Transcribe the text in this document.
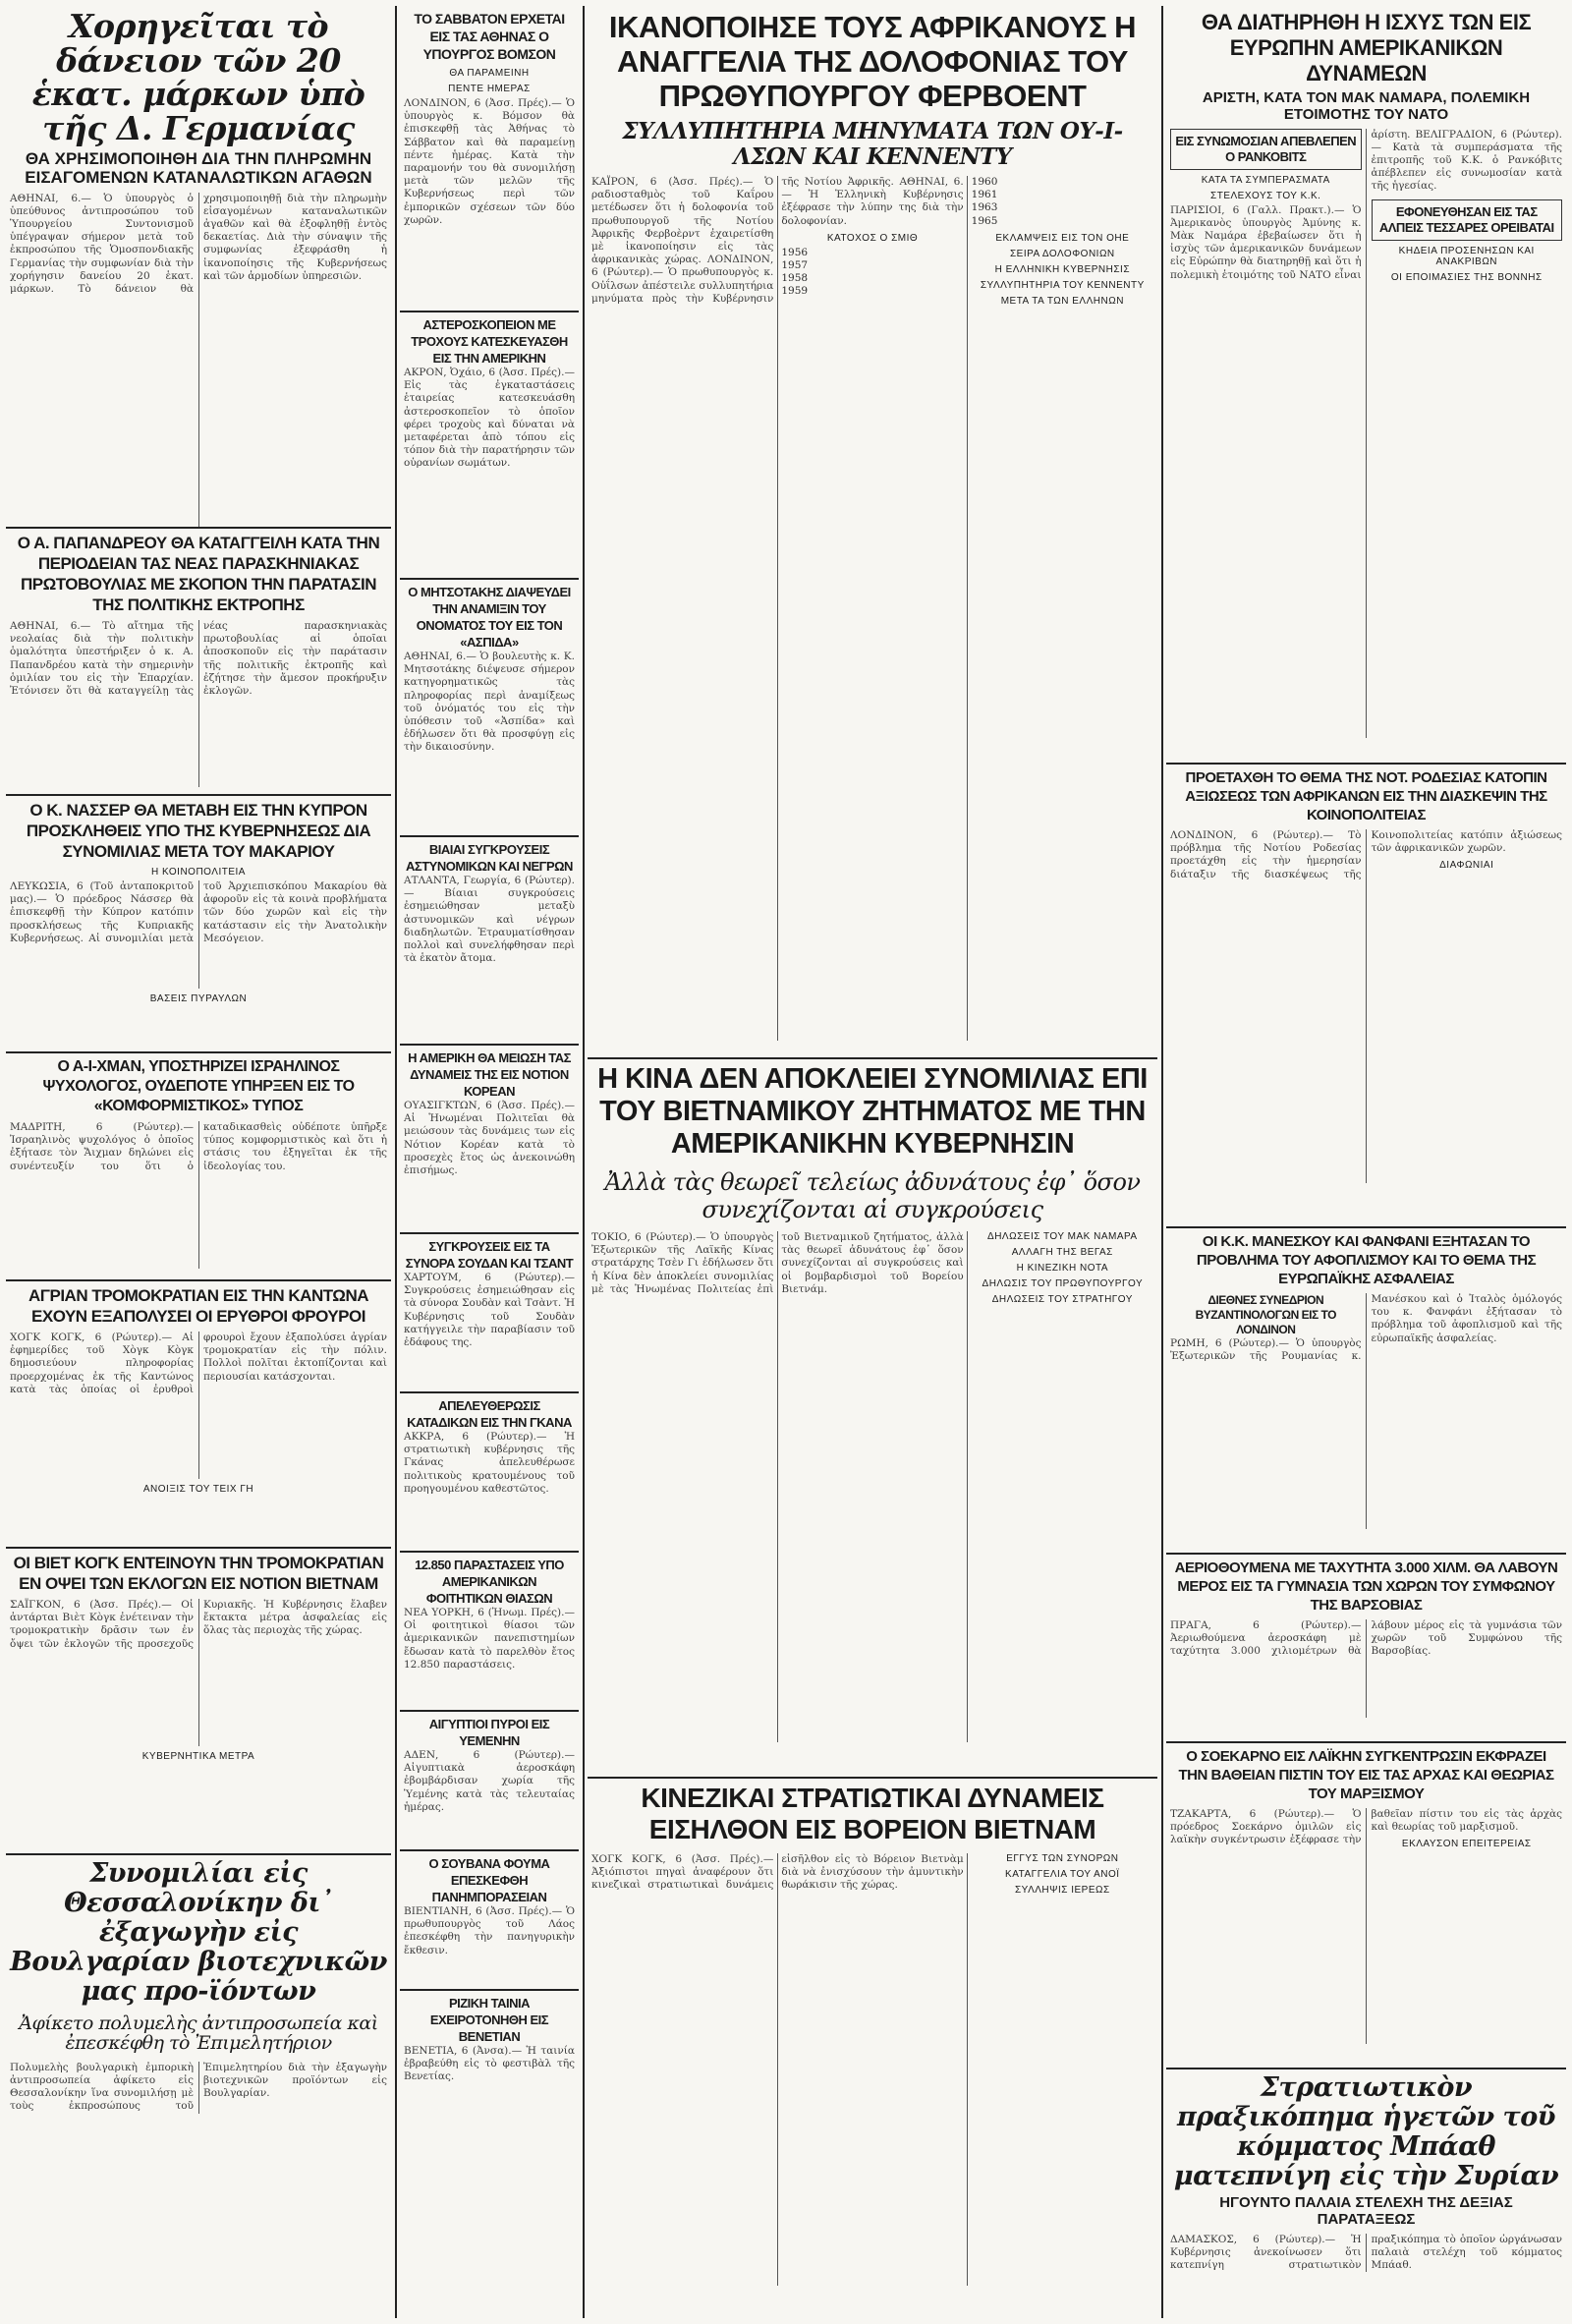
Χορηγεῖται τὸ δάνειον τῶν 20 ἑκατ. μάρκων ὑπὸ τῆς Δ. Γερμανίας
ΘΑ ΧΡΗΣΙΜΟΠΟΙΗΘΗ ΔΙΑ ΤΗΝ ΠΛΗΡΩΜΗΝ ΕΙΣΑΓΟΜΕΝΩΝ ΚΑΤΑΝΑΛΩΤΙΚΩΝ ΑΓΑΘΩΝ

ΑΘΗΝΑΙ, 6.— Ὁ ὑπουργὸς ὁ ὑπεύθυνος ἀντιπροσώπου τοῦ Ὑπουργείου Συντονισμοῦ ὑπέγραψαν σήμερον μετὰ τοῦ ἐκπροσώπου τῆς Ὁμοσπονδιακῆς Γερμανίας τὴν συμφωνίαν διὰ τὴν χορήγησιν δανείου 20 ἑκατ. μάρκων. Τὸ δάνειον θὰ χρησιμοποιηθῇ διὰ τὴν πληρωμὴν εἰσαγομένων καταναλωτικῶν ἀγαθῶν καὶ θὰ ἐξοφληθῇ ἐντὸς δεκαετίας. Διὰ τὴν σύναψιν τῆς συμφωνίας ἐξεφράσθη ἡ ἱκανοποίησις τῆς Κυβερνήσεως καὶ τῶν ἁρμοδίων ὑπηρεσιῶν.

Ο Α. ΠΑΠΑΝΔΡΕΟΥ ΘΑ ΚΑΤΑΓΓΕΙΛΗ ΚΑΤΑ ΤΗΝ ΠΕΡΙΟΔΕΙΑΝ ΤΑΣ ΝΕΑΣ ΠΑΡΑΣΚΗΝΙΑΚΑΣ ΠΡΩΤΟΒΟΥΛΙΑΣ ΜΕ ΣΚΟΠΟΝ ΤΗΝ ΠΑΡΑΤΑΣΙΝ ΤΗΣ ΠΟΛΙΤΙΚΗΣ ΕΚΤΡΟΠΗΣ

ΑΘΗΝΑΙ, 6.— Τὸ αἴτημα τῆς νεολαίας διὰ τὴν πολιτικὴν ὁμαλότητα ὑπεστήριξεν ὁ κ. Α. Παπανδρέου κατὰ τὴν σημερινὴν ὁμιλίαν του εἰς τὴν Ἐπαρχίαν. Ἐτόνισεν ὅτι θὰ καταγγείλῃ τὰς νέας παρασκηνιακὰς πρωτοβουλίας αἱ ὁποῖαι ἀποσκοποῦν εἰς τὴν παράτασιν τῆς πολιτικῆς ἐκτροπῆς καὶ ἐζήτησε τὴν ἄμεσον προκήρυξιν ἐκλογῶν.

Ο Κ. ΝΑΣΣΕΡ ΘΑ ΜΕΤΑΒΗ ΕΙΣ ΤΗΝ ΚΥΠΡΟΝ ΠΡΟΣΚΛΗΘΕΙΣ ΥΠΟ ΤΗΣ ΚΥΒΕΡΝΗΣΕΩΣ ΔΙΑ ΣΥΝΟΜΙΛΙΑΣ ΜΕΤΑ ΤΟΥ ΜΑΚΑΡΙΟΥ
Η ΚΟΙΝΟΠΟΛΙΤΕΙΑ

ΛΕΥΚΩΣΙΑ, 6 (Τοῦ ἀνταποκριτοῦ μας).— Ὁ πρόεδρος Νάσσερ θὰ ἐπισκεφθῇ τὴν Κύπρον κατόπιν προσκλήσεως τῆς Κυπριακῆς Κυβερνήσεως. Αἱ συνομιλίαι μετὰ τοῦ Ἀρχιεπισκόπου Μακαρίου θὰ ἀφοροῦν εἰς τὰ κοινὰ προβλήματα τῶν δύο χωρῶν καὶ εἰς τὴν κατάστασιν εἰς τὴν Ἀνατολικὴν Μεσόγειον.

ΒΑΣΕΙΣ ΠΥΡΑΥΛΩΝ
Ο Α-Ι-ΧΜΑΝ, ΥΠΟΣΤΗΡΙΖΕΙ ΙΣΡΑΗΛΙΝΟΣ ΨΥΧΟΛΟΓΟΣ, ΟΥΔΕΠΟΤΕ ΥΠΗΡΞΕΝ ΕΙΣ ΤΟ «ΚΟΜΦΟΡΜΙΣΤΙΚΟΣ» ΤΥΠΟΣ

ΜΑΔΡΙΤΗ, 6 (Ρώυτερ).— Ἰσραηλινὸς ψυχολόγος ὁ ὁποῖος ἐξήτασε τὸν Ἄιχμαν δηλώνει εἰς συνέντευξίν του ὅτι ὁ καταδικασθεὶς οὐδέποτε ὑπῆρξε τύπος κομφορμιστικὸς καὶ ὅτι ἡ στάσις του ἐξηγεῖται ἐκ τῆς ἰδεολογίας του.

ΑΓΡΙΑΝ ΤΡΟΜΟΚΡΑΤΙΑΝ ΕΙΣ ΤΗΝ ΚΑΝΤΩΝΑ ΕΧΟΥΝ ΕΞΑΠΟΛΥΣΕΙ ΟΙ ΕΡΥΘΡΟΙ ΦΡΟΥΡΟΙ

ΧΟΓΚ ΚΟΓΚ, 6 (Ρώυτερ).— Αἱ ἐφημερίδες τοῦ Χὸγκ Κὸγκ δημοσιεύουν πληροφορίας προερχομένας ἐκ τῆς Καντώνος κατὰ τὰς ὁποίας οἱ ἐρυθροὶ φρουροὶ ἔχουν ἐξαπολύσει ἀγρίαν τρομοκρατίαν εἰς τὴν πόλιν. Πολλοὶ πολῖται ἐκτοπίζονται καὶ περιουσίαι κατάσχονται.

ΑΝΟΙΞΙΣ ΤΟΥ ΤΕΙΧ ΓΗ
ΟΙ ΒΙΕΤ ΚΟΓΚ ΕΝΤΕΙΝΟΥΝ ΤΗΝ ΤΡΟΜΟΚΡΑΤΙΑΝ ΕΝ ΟΨΕΙ ΤΩΝ ΕΚΛΟΓΩΝ ΕΙΣ ΝΟΤΙΟΝ ΒΙΕΤΝΑΜ

ΣΑΪΓΚΟΝ, 6 (Ἀσσ. Πρές).— Οἱ ἀντάρται Βιὲτ Κὸγκ ἐνέτειναν τὴν τρομοκρατικὴν δρᾶσιν των ἐν ὄψει τῶν ἐκλογῶν τῆς προσεχοῦς Κυριακῆς. Ἡ Κυβέρνησις ἔλαβεν ἔκτακτα μέτρα ἀσφαλείας εἰς ὅλας τὰς περιοχὰς τῆς χώρας.

ΚΥΒΕΡΝΗΤΙΚΑ ΜΕΤΡΑ
Συνομιλίαι εἰς Θεσσαλονίκην δι᾽ ἐξαγωγὴν εἰς Βουλγαρίαν βιοτεχνικῶν μας προ-ϊόντων
Ἀφίκετο πολυμελὴς ἀντιπροσωπεία καὶ ἐπεσκέφθη τὸ Ἐπιμελητήριον

Πολυμελὴς βουλγαρικὴ ἐμπορικὴ ἀντιπροσωπεία ἀφίκετο εἰς Θεσσαλονίκην ἵνα συνομιλήσῃ μὲ τοὺς ἐκπροσώπους τοῦ Ἐπιμελητηρίου διὰ τὴν ἐξαγωγὴν βιοτεχνικῶν προϊόντων εἰς Βουλγαρίαν.

ΤΟ ΣΑΒΒΑΤΟΝ ΕΡΧΕΤΑΙ ΕΙΣ ΤΑΣ ΑΘΗΝΑΣ Ο ΥΠΟΥΡΓΟΣ ΒΟΜΣΟΝ
ΘΑ ΠΑΡΑΜΕΙΝΗ
ΠΕΝΤΕ ΗΜΕΡΑΣ

ΛΟΝΔΙΝΟΝ, 6 (Ἀσσ. Πρές).— Ὁ ὑπουργὸς κ. Βόμσον θὰ ἐπισκεφθῇ τὰς Ἀθήνας τὸ Σάββατον καὶ θὰ παραμείνῃ πέντε ἡμέρας. Κατὰ τὴν παραμονήν του θὰ συνομιλήσῃ μετὰ τῶν μελῶν τῆς Κυβερνήσεως περὶ τῶν ἐμπορικῶν σχέσεων τῶν δύο χωρῶν.

ΑΣΤΕΡΟΣΚΟΠΕΙΟΝ ΜΕ ΤΡΟΧΟΥΣ ΚΑΤΕΣΚΕΥΑΣΘΗ ΕΙΣ ΤΗΝ ΑΜΕΡΙΚΗΝ

ΑΚΡΟΝ, Ὀχάιο, 6 (Ἀσσ. Πρές).— Εἰς τὰς ἐγκαταστάσεις ἑταιρείας κατεσκευάσθη ἀστεροσκοπεῖον τὸ ὁποῖον φέρει τροχοὺς καὶ δύναται νὰ μεταφέρεται ἀπὸ τόπου εἰς τόπον διὰ τὴν παρατήρησιν τῶν οὐρανίων σωμάτων.

Ο ΜΗΤΣΟΤΑΚΗΣ ΔΙΑΨΕΥΔΕΙ ΤΗΝ ΑΝΑΜΙΞΙΝ ΤΟΥ ΟΝΟΜΑΤΟΣ ΤΟΥ ΕΙΣ ΤΟΝ «ΑΣΠΙΔΑ»

ΑΘΗΝΑΙ, 6.— Ὁ βουλευτὴς κ. Κ. Μητσοτάκης διέψευσε σήμερον κατηγορηματικῶς τὰς πληροφορίας περὶ ἀναμίξεως τοῦ ὀνόματός του εἰς τὴν ὑπόθεσιν τοῦ «Ἀσπίδα» καὶ ἐδήλωσεν ὅτι θὰ προσφύγῃ εἰς τὴν δικαιοσύνην.

ΒΙΑΙΑΙ ΣΥΓΚΡΟΥΣΕΙΣ ΑΣΤΥΝΟΜΙΚΩΝ ΚΑΙ ΝΕΓΡΩΝ

ΑΤΛΑΝΤΑ, Γεωργία, 6 (Ρώυτερ).— Βίαιαι συγκρούσεις ἐσημειώθησαν μεταξὺ ἀστυνομικῶν καὶ νέγρων διαδηλωτῶν. Ἐτραυματίσθησαν πολλοὶ καὶ συνελήφθησαν περὶ τὰ ἑκατὸν ἄτομα.

Η ΑΜΕΡΙΚΗ ΘΑ ΜΕΙΩΣΗ ΤΑΣ ΔΥΝΑΜΕΙΣ ΤΗΣ ΕΙΣ ΝΟΤΙΟΝ ΚΟΡΕΑΝ

ΟΥΑΣΙΓΚΤΩΝ, 6 (Ἀσσ. Πρές).— Αἱ Ἡνωμέναι Πολιτεῖαι θὰ μειώσουν τὰς δυνάμεις των εἰς Νότιον Κορέαν κατὰ τὸ προσεχὲς ἔτος ὡς ἀνεκοινώθη ἐπισήμως.

ΣΥΓΚΡΟΥΣΕΙΣ ΕΙΣ ΤΑ ΣΥΝΟΡΑ ΣΟΥΔΑΝ ΚΑΙ ΤΣΑΝΤ

ΧΑΡΤΟΥΜ, 6 (Ρώυτερ).— Συγκρούσεις ἐσημειώθησαν εἰς τὰ σύνορα Σουδὰν καὶ Τσὰντ. Ἡ Κυβέρνησις τοῦ Σουδὰν κατήγγειλε τὴν παραβίασιν τοῦ ἐδάφους της.

ΑΠΕΛΕΥΘΕΡΩΣΙΣ ΚΑΤΑΔΙΚΩΝ ΕΙΣ ΤΗΝ ΓΚΑΝΑ

ΑΚΚΡΑ, 6 (Ρώυτερ).— Ἡ στρατιωτικὴ κυβέρνησις τῆς Γκάνας ἀπελευθέρωσε πολιτικοὺς κρατουμένους τοῦ προηγουμένου καθεστῶτος.

12.850 ΠΑΡΑΣΤΑΣΕΙΣ ΥΠΟ ΑΜΕΡΙΚΑΝΙΚΩΝ ΦΟΙΤΗΤΙΚΩΝ ΘΙΑΣΩΝ

ΝΕΑ ΥΟΡΚΗ, 6 (Ἠνωμ. Πρές).— Οἱ φοιτητικοὶ θίασοι τῶν ἀμερικανικῶν πανεπιστημίων ἔδωσαν κατὰ τὸ παρελθὸν ἔτος 12.850 παραστάσεις.

ΑΙΓΥΠΤΙΟΙ ΠΥΡΟΙ ΕΙΣ ΥΕΜΕΝΗΝ

ΑΔΕΝ, 6 (Ρώυτερ).— Αἰγυπτιακὰ ἀεροσκάφη ἐβομβάρδισαν χωρία τῆς Ὑεμένης κατὰ τὰς τελευταίας ἡμέρας.

Ο ΣΟΥΒΑΝΑ ΦΟΥΜΑ ΕΠΕΣΚΕΦΘΗ ΠΑΝΗΜΠΟΡΑΣΕΙΑΝ

ΒΙΕΝΤΙΑΝΗ, 6 (Ἀσσ. Πρές).— Ὁ πρωθυπουργὸς τοῦ Λάος ἐπεσκέφθη τὴν πανηγυρικὴν ἔκθεσιν.

ΡΙΖΙΚΗ ΤΑΙΝΙΑ ΕΧΕΙΡΟΤΟΝΗΘΗ ΕΙΣ ΒΕΝΕΤΙΑΝ

ΒΕΝΕΤΙΑ, 6 (Ἀνσα).— Ἡ ταινία ἐβραβεύθη εἰς τὸ φεστιβὰλ τῆς Βενετίας.

ΙΚΑΝΟΠΟΙΗΣΕ ΤΟΥΣ ΑΦΡΙΚΑΝΟΥΣ Η ΑΝΑΓΓΕΛΙΑ ΤΗΣ ΔΟΛΟΦΟΝΙΑΣ ΤΟΥ ΠΡΩΘΥΠΟΥΡΓΟΥ ΦΕΡΒΟΕΝΤ
ΣΥΛΛΥΠΗΤΗΡΙΑ ΜΗΝΥΜΑΤΑ ΤΩΝ ΟΥ-Ι-ΛΣΩΝ ΚΑΙ ΚΕΝΝΕΝΤΥ

ΚΑΪΡΟΝ, 6 (Ἀσσ. Πρές).— Ὁ ραδιοσταθμὸς τοῦ Καΐρου μετέδωσεν ὅτι ἡ δολοφονία τοῦ πρωθυπουργοῦ τῆς Νοτίου Ἀφρικῆς Φερβοὲρντ ἐχαιρετίσθη μὲ ἱκανοποίησιν εἰς τὰς ἀφρικανικὰς χώρας. ΛΟΝΔΙΝΟΝ, 6 (Ρώυτερ).— Ὁ πρωθυπουργὸς κ. Οὐΐλσων ἀπέστειλε συλλυπητήρια μηνύματα πρὸς τὴν Κυβέρνησιν τῆς Νοτίου Ἀφρικῆς. ΑΘΗΝΑΙ, 6.— Ἡ Ἑλληνικὴ Κυβέρνησις ἐξέφρασε τὴν λύπην της διὰ τὴν δολοφονίαν.

ΚΑΤΟΧΟΣ Ο ΣΜΙΘ
1956
1957
1958
1959
1960
1961
1963
1965
ΕΚΛΑΜΨΕΙΣ ΕΙΣ ΤΟΝ ΟΗΕ
ΣΕΙΡΑ ΔΟΛΟΦΟΝΙΩΝ
Η ΕΛΛΗΝΙΚΗ ΚΥΒΕΡΝΗΣΙΣ
ΣΥΛΛΥΠΗΤΗΡΙΑ ΤΟΥ ΚΕΝΝΕΝΤΥ
ΜΕΤΑ ΤΑ ΤΩΝ ΕΛΛΗΝΩΝ
Η ΚΙΝΑ ΔΕΝ ΑΠΟΚΛΕΙΕΙ ΣΥΝΟΜΙΛΙΑΣ ΕΠΙ ΤΟΥ ΒΙΕΤΝΑΜΙΚΟΥ ΖΗΤΗΜΑΤΟΣ ΜΕ ΤΗΝ ΑΜΕΡΙΚΑΝΙΚΗΝ ΚΥΒΕΡΝΗΣΙΝ
Ἀλλὰ τὰς θεωρεῖ τελείως ἀδυνάτους ἐφ᾽ ὅσον συνεχίζονται αἱ συγκρούσεις

ΤΟΚΙΟ, 6 (Ρώυτερ).— Ὁ ὑπουργὸς Ἐξωτερικῶν τῆς Λαϊκῆς Κίνας στρατάρχης Τσὲν Γι ἐδήλωσεν ὅτι ἡ Κίνα δὲν ἀποκλείει συνομιλίας μὲ τὰς Ἡνωμένας Πολιτείας ἐπὶ τοῦ Βιετναμικοῦ ζητήματος, ἀλλὰ τὰς θεωρεῖ ἀδυνάτους ἐφ᾽ ὅσον συνεχίζονται αἱ συγκρούσεις καὶ οἱ βομβαρδισμοὶ τοῦ Βορείου Βιετνάμ.

ΔΗΛΩΣΕΙΣ ΤΟΥ ΜΑΚ ΝΑΜΑΡΑ
ΑΛΛΑΓΗ ΤΗΣ ΒΕΓΑΣ
Η ΚΙΝΕΖΙΚΗ ΝΟΤΑ
ΔΗΛΩΣΙΣ ΤΟΥ ΠΡΩΘΥΠΟΥΡΓΟΥ
ΔΗΛΩΣΕΙΣ ΤΟΥ ΣΤΡΑΤΗΓΟΥ
ΚΙΝΕΖΙΚΑΙ ΣΤΡΑΤΙΩΤΙΚΑΙ ΔΥΝΑΜΕΙΣ ΕΙΣΗΛΘΟΝ ΕΙΣ ΒΟΡΕΙΟΝ ΒΙΕΤΝΑΜ

ΧΟΓΚ ΚΟΓΚ, 6 (Ἀσσ. Πρές).— Ἀξιόπιστοι πηγαὶ ἀναφέρουν ὅτι κινεζικαὶ στρατιωτικαὶ δυνάμεις εἰσῆλθον εἰς τὸ Βόρειον Βιετνὰμ διὰ νὰ ἐνισχύσουν τὴν ἀμυντικὴν θωράκισιν τῆς χώρας.

ΕΓΓΥΣ ΤΩΝ ΣΥΝΟΡΩΝ
ΚΑΤΑΓΓΕΛΙΑ ΤΟΥ ΑΝΟΪ
ΣΥΛΛΗΨΙΣ ΙΕΡΕΩΣ
ΘΑ ΔΙΑΤΗΡΗΘΗ Η ΙΣΧΥΣ ΤΩΝ ΕΙΣ ΕΥΡΩΠΗΝ ΑΜΕΡΙΚΑΝΙΚΩΝ ΔΥΝΑΜΕΩΝ
ΑΡΙΣΤΗ, ΚΑΤΑ ΤΟΝ ΜΑΚ ΝΑΜΑΡΑ, ΠΟΛΕΜΙΚΗ ΕΤΟΙΜΟΤΗΣ ΤΟΥ ΝΑΤΟ
ΕΙΣ ΣΥΝΩΜΟΣΙΑΝ ΑΠΕΒΛΕΠΕΝ Ο ΡΑΝΚΟΒΙΤΣ
ΚΑΤΑ ΤΑ ΣΥΜΠΕΡΑΣΜΑΤΑ
ΣΤΕΛΕΧΟΥΣ ΤΟΥ Κ.Κ.

ΠΑΡΙΣΙΟΙ, 6 (Γαλλ. Πρακτ.).— Ὁ Ἀμερικανὸς ὑπουργὸς Ἀμύνης κ. Μὰκ Ναμάρα ἐβεβαίωσεν ὅτι ἡ ἰσχὺς τῶν ἀμερικανικῶν δυνάμεων εἰς Εὐρώπην θὰ διατηρηθῇ καὶ ὅτι ἡ πολεμικὴ ἑτοιμότης τοῦ ΝΑΤΟ εἶναι ἀρίστη. ΒΕΛΙΓΡΑΔΙΟΝ, 6 (Ρώυτερ).— Κατὰ τὰ συμπεράσματα τῆς ἐπιτροπῆς τοῦ Κ.Κ. ὁ Ρανκόβιτς ἀπέβλεπεν εἰς συνωμοσίαν κατὰ τῆς ἡγεσίας.

ΕΦΟΝΕΥΘΗΣΑΝ ΕΙΣ ΤΑΣ ΑΛΠΕΙΣ ΤΕΣΣΑΡΕΣ ΟΡΕΙΒΑΤΑΙ
ΚΗΔΕΙΑ ΠΡΟΣΕΝΗΣΩΝ ΚΑΙ ΑΝΑΚΡΙΒΩΝ
ΟΙ ΕΠΟΙΜΑΣΙΕΣ ΤΗΣ ΒΟΝΝΗΣ
ΠΡΟΕΤΑΧΘΗ ΤΟ ΘΕΜΑ ΤΗΣ ΝΟΤ. ΡΟΔΕΣΙΑΣ ΚΑΤΟΠΙΝ ΑΞΙΩΣΕΩΣ ΤΩΝ ΑΦΡΙΚΑΝΩΝ ΕΙΣ ΤΗΝ ΔΙΑΣΚΕΨΙΝ ΤΗΣ ΚΟΙΝΟΠΟΛΙΤΕΙΑΣ

ΛΟΝΔΙΝΟΝ, 6 (Ρώυτερ).— Τὸ πρόβλημα τῆς Νοτίου Ροδεσίας προετάχθη εἰς τὴν ἡμερησίαν διάταξιν τῆς διασκέψεως τῆς Κοινοπολιτείας κατόπιν ἀξιώσεως τῶν ἀφρικανικῶν χωρῶν.

ΔΙΑΦΩΝΙΑΙ
ΟΙ Κ.Κ. ΜΑΝΕΣΚΟΥ ΚΑΙ ΦΑΝΦΑΝΙ ΕΞΗΤΑΣΑΝ ΤΟ ΠΡΟΒΛΗΜΑ ΤΟΥ ΑΦΟΠΛΙΣΜΟΥ ΚΑΙ ΤΟ ΘΕΜΑ ΤΗΣ ΕΥΡΩΠΑΪΚΗΣ ΑΣΦΑΛΕΙΑΣ
ΔΙΕΘΝΕΣ ΣΥΝΕΔΡΙΟΝ ΒΥΖΑΝΤΙΝΟΛΟΓΩΝ ΕΙΣ ΤΟ ΛΟΝΔΙΝΟΝ

ΡΩΜΗ, 6 (Ρώυτερ).— Ὁ ὑπουργὸς Ἐξωτερικῶν τῆς Ρουμανίας κ. Μανέσκου καὶ ὁ Ἰταλὸς ὁμόλογός του κ. Φανφάνι ἐξήτασαν τὸ πρόβλημα τοῦ ἀφοπλισμοῦ καὶ τῆς εὐρωπαϊκῆς ἀσφαλείας.

ΑΕΡΙΟΘΟΥΜΕΝΑ ΜΕ ΤΑΧΥΤΗΤΑ 3.000 ΧΙΛΜ. ΘΑ ΛΑΒΟΥΝ ΜΕΡΟΣ ΕΙΣ ΤΑ ΓΥΜΝΑΣΙΑ ΤΩΝ ΧΩΡΩΝ ΤΟΥ ΣΥΜΦΩΝΟΥ ΤΗΣ ΒΑΡΣΟΒΙΑΣ

ΠΡΑΓΑ, 6 (Ρώυτερ).— Ἀεριωθούμενα ἀεροσκάφη μὲ ταχύτητα 3.000 χιλιομέτρων θὰ λάβουν μέρος εἰς τὰ γυμνάσια τῶν χωρῶν τοῦ Συμφώνου τῆς Βαρσοβίας.

Ο ΣΟΕΚΑΡΝΟ ΕΙΣ ΛΑΪΚΗΝ ΣΥΓΚΕΝΤΡΩΣΙΝ ΕΚΦΡΑΖΕΙ ΤΗΝ ΒΑΘΕΙΑΝ ΠΙΣΤΙΝ ΤΟΥ ΕΙΣ ΤΑΣ ΑΡΧΑΣ ΚΑΙ ΘΕΩΡΙΑΣ ΤΟΥ ΜΑΡΞΙΣΜΟΥ

ΤΖΑΚΑΡΤΑ, 6 (Ρώυτερ).— Ὁ πρόεδρος Σοεκάρνο ὁμιλῶν εἰς λαϊκὴν συγκέντρωσιν ἐξέφρασε τὴν βαθεῖαν πίστιν του εἰς τὰς ἀρχὰς καὶ θεωρίας τοῦ μαρξισμοῦ.

ΕΚΛΑΥΣΟΝ ΕΠΕΙΤΕΡΕΙΑΣ
Στρατιωτικὸν πραξικόπημα ἡγετῶν τοῦ κόμματος Μπάαθ ματεπνίγη εἰς τὴν Συρίαν
ΗΓΟΥΝΤΟ ΠΑΛΑΙΑ ΣΤΕΛΕΧΗ ΤΗΣ ΔΕΞΙΑΣ ΠΑΡΑΤΑΞΕΩΣ

ΔΑΜΑΣΚΟΣ, 6 (Ρώυτερ).— Ἡ Κυβέρνησις ἀνεκοίνωσεν ὅτι κατεπνίγη στρατιωτικὸν πραξικόπημα τὸ ὁποῖον ὠργάνωσαν παλαιὰ στελέχη τοῦ κόμματος Μπάαθ.
